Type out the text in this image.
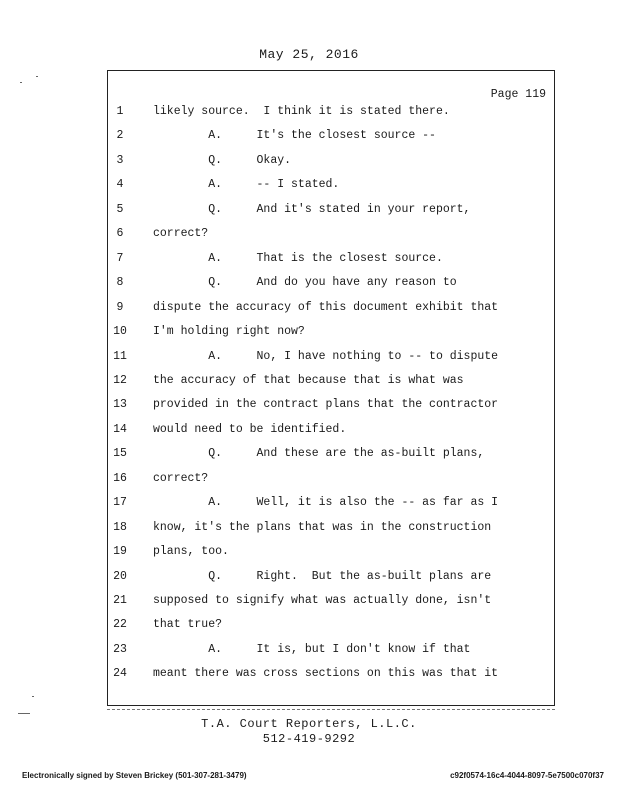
May 25, 2016
Page 119
1	likely source.  I think it is stated there.
2	A.     It's the closest source --
3	Q.     Okay.
4	A.     -- I stated.
5	Q.     And it's stated in your report,
6	correct?
7	A.     That is the closest source.
8	Q.     And do you have any reason to
9	dispute the accuracy of this document exhibit that
10	I'm holding right now?
11	A.     No, I have nothing to -- to dispute
12	the accuracy of that because that is what was
13	provided in the contract plans that the contractor
14	would need to be identified.
15	Q.     And these are the as-built plans,
16	correct?
17	A.     Well, it is also the -- as far as I
18	know, it's the plans that was in the construction
19	plans, too.
20	Q.     Right.  But the as-built plans are
21	supposed to signify what was actually done, isn't
22	that true?
23	A.     It is, but I don't know if that
24	meant there was cross sections on this was that it
T.A. Court Reporters, L.L.C.
512-419-9292
Electronically signed by Steven Brickey (501-307-281-3479)	c92f0574-16c4-4044-8097-5e7500c070f37
